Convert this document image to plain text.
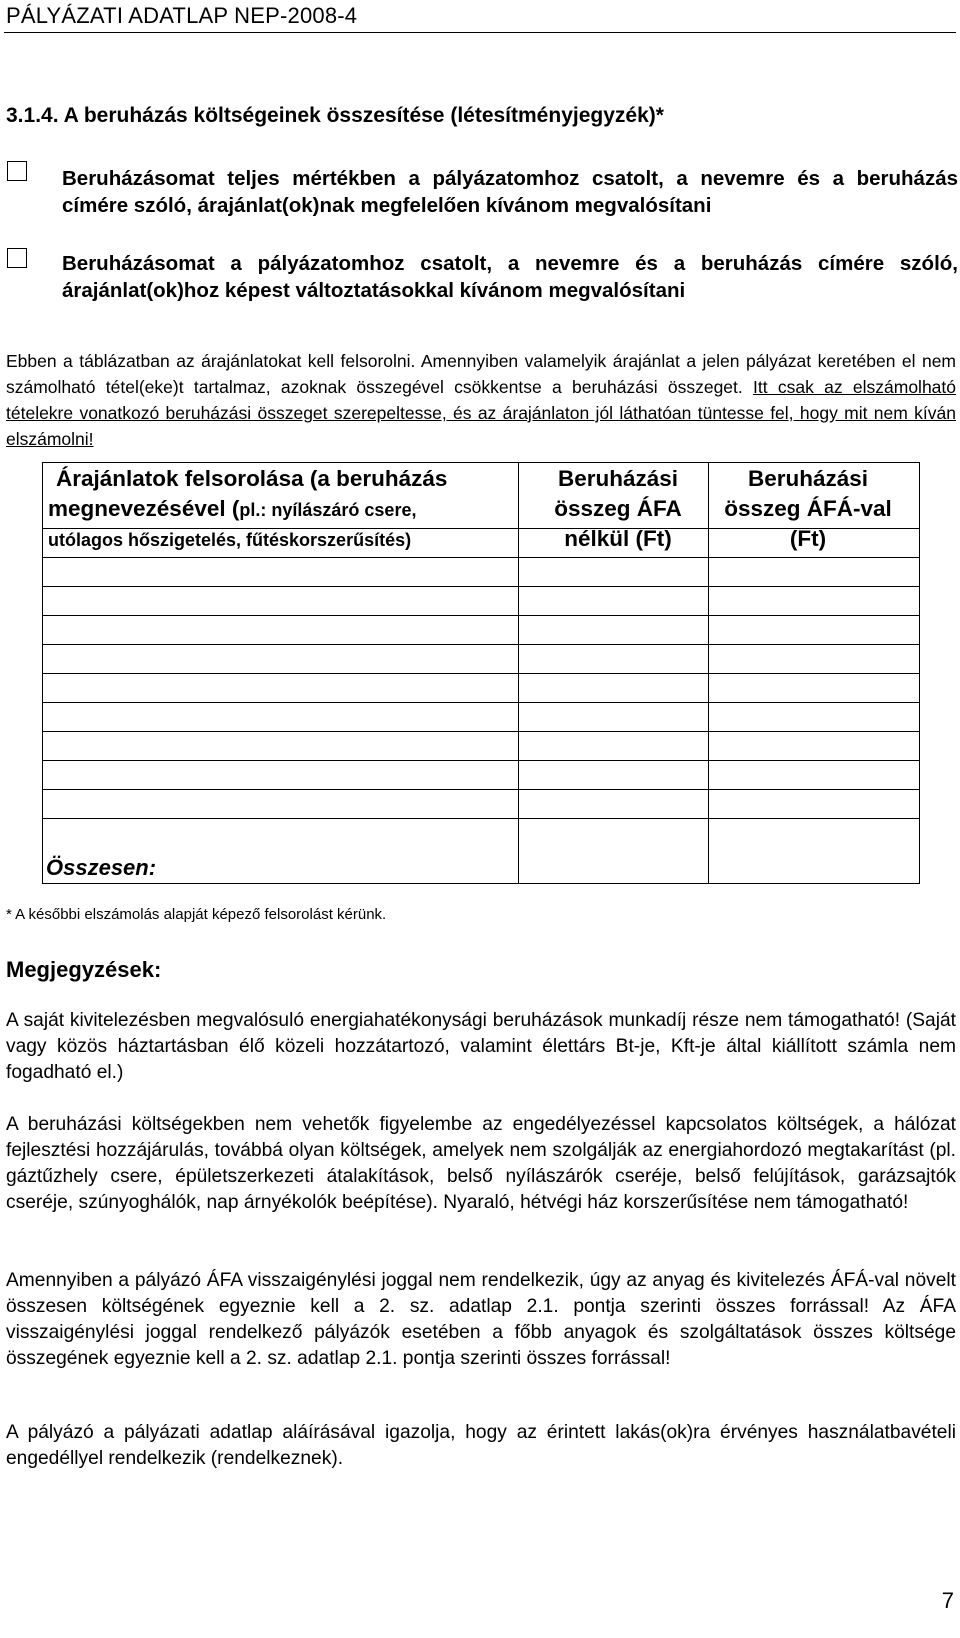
PÁLYÁZATI ADATLAP NEP-2008-4
3.1.4. A beruházás költségeinek összesítése (létesítményjegyzék)*
Beruházásomat teljes mértékben a pályázatomhoz csatolt, a nevemre és a beruházás címére szóló, árajánlat(ok)nak megfelelően kívánom megvalósítani
Beruházásomat a pályázatomhoz csatolt, a nevemre és a beruházás címére szóló, árajánlat(ok)hoz képest változtatásokkal kívánom megvalósítani
Ebben a táblázatban az árajánlatokat kell felsorolni. Amennyiben valamelyik árajánlat a jelen pályázat keretében el nem számolható tétel(eke)t tartalmaz, azoknak összegével csökkentse a beruházási összeget. Itt csak az elszámolható tételekre vonatkozó beruházási összeget szerepeltesse, és az árajánlaton jól láthatóan tüntesse fel, hogy mit nem kíván elszámolni!
Árajánlatok felsorolása (a beruházás
megnevezésével (pl.: nyílászáró csere,
utólagos hőszigetelés, fűtéskorszerűsítés)
Beruházási összeg ÁFA nélkül (Ft)
Beruházási összeg ÁFÁ-val (Ft)
Összesen:
* A későbbi elszámolás alapját képező felsorolást kérünk.
Megjegyzések:
A saját kivitelezésben megvalósuló energiahatékonysági beruházások munkadíj része nem támogatható! (Saját vagy közös háztartásban élő közeli hozzátartozó, valamint élettárs Bt-je, Kft-je által kiállított számla nem fogadható el.)
A beruházási költségekben nem vehetők figyelembe az engedélyezéssel kapcsolatos költségek, a hálózat fejlesztési hozzájárulás, továbbá olyan költségek, amelyek nem szolgálják az energiahordozó megtakarítást (pl. gáztűzhely csere, épületszerkezeti átalakítások, belső nyílászárók cseréje, belső felújítások, garázsajtók cseréje, szúnyoghálók, nap árnyékolók beépítése). Nyaraló, hétvégi ház korszerűsítése nem támogatható!
Amennyiben a pályázó ÁFA visszaigénylési joggal nem rendelkezik, úgy az anyag és kivitelezés ÁFÁ-val növelt összesen költségének egyeznie kell a 2. sz. adatlap 2.1. pontja szerinti összes forrással! Az ÁFA visszaigénylési joggal rendelkező pályázók esetében a főbb anyagok és szolgáltatások összes költsége összegének egyeznie kell a 2. sz. adatlap 2.1. pontja szerinti összes forrással!
A pályázó a pályázati adatlap aláírásával igazolja, hogy az érintett lakás(ok)ra érvényes használatbavételi engedéllyel rendelkezik (rendelkeznek).
7
